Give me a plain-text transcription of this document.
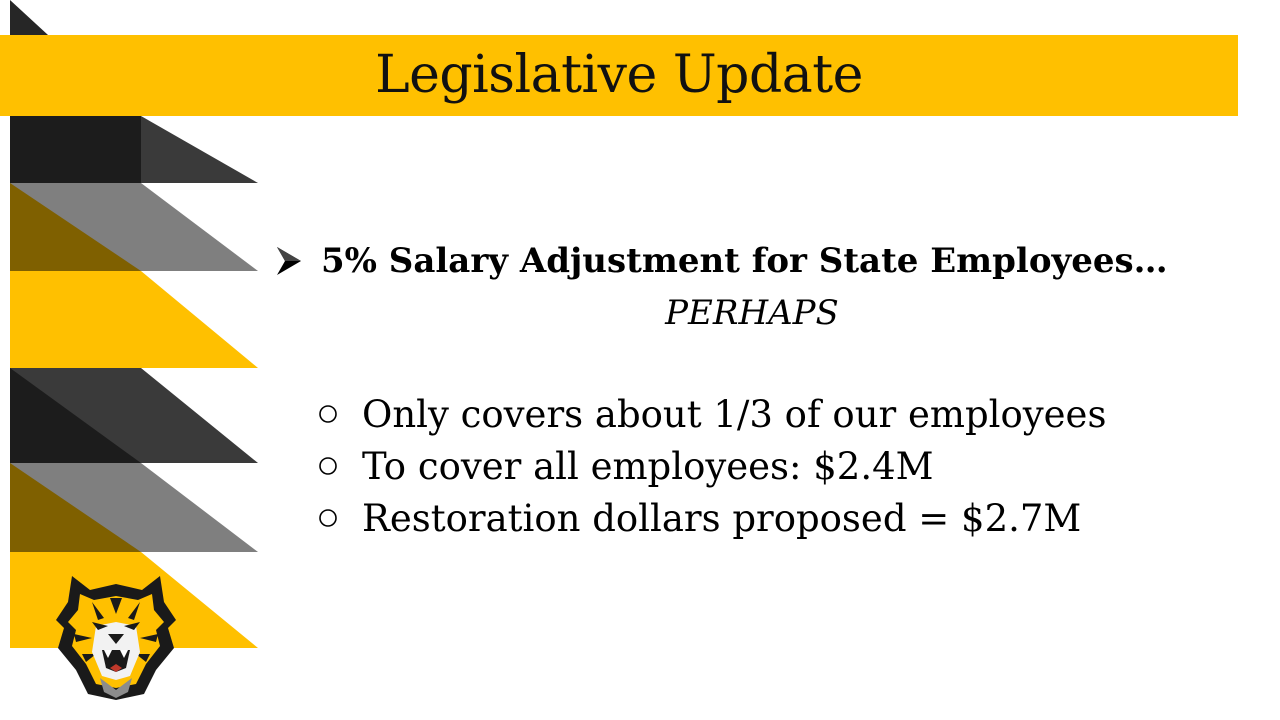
Legislative Update
5% Salary Adjustment for State Employees…
PERHAPS
Only covers about 1/3 of our employees
To cover all employees: $2.4M
Restoration dollars proposed = $2.7M
